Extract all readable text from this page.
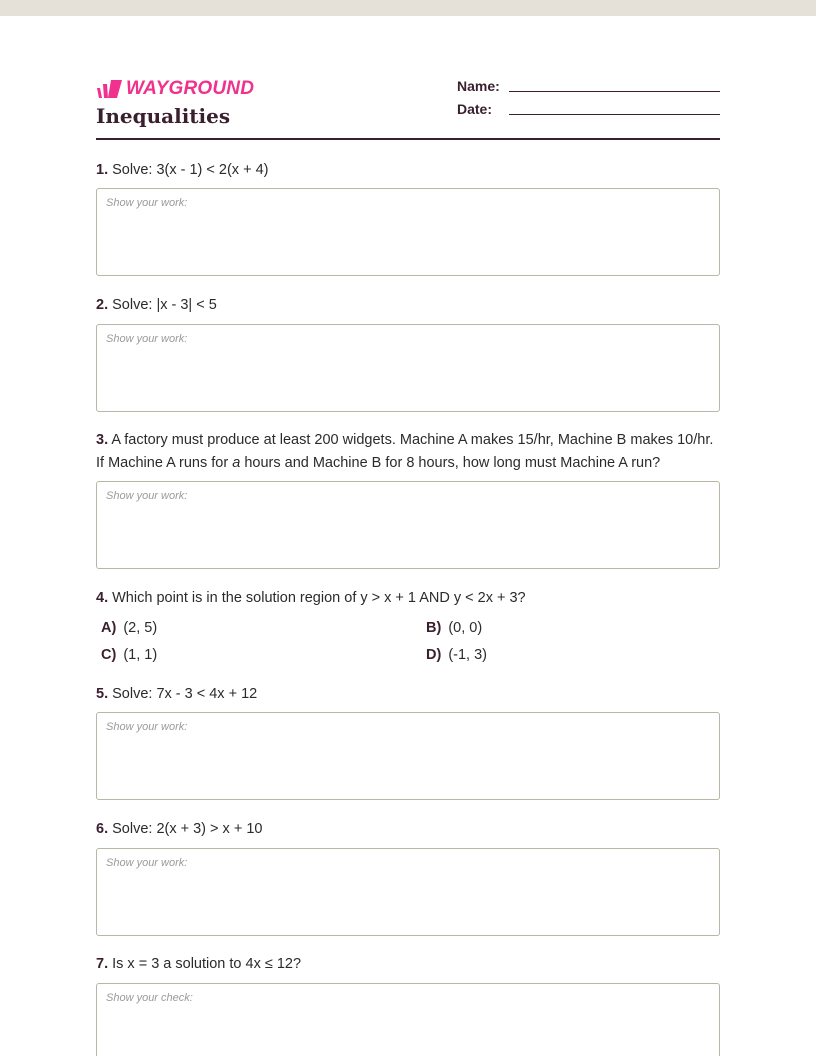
WAYGROUND
Inequalities
Name:
Date:
1. Solve: 3(x - 1) < 2(x + 4)
Show your work:
2. Solve: |x - 3| < 5
Show your work:
3. A factory must produce at least 200 widgets. Machine A makes 15/hr, Machine B makes 10/hr. If Machine A runs for a hours and Machine B for 8 hours, how long must Machine A run?
Show your work:
4. Which point is in the solution region of y > x + 1 AND y < 2x + 3?
A) (2, 5)	B) (0, 0)
C) (1, 1)	D) (-1, 3)
5. Solve: 7x - 3 < 4x + 12
Show your work:
6. Solve: 2(x + 3) > x + 10
Show your work:
7. Is x = 3 a solution to 4x ≤ 12?
Show your check:
